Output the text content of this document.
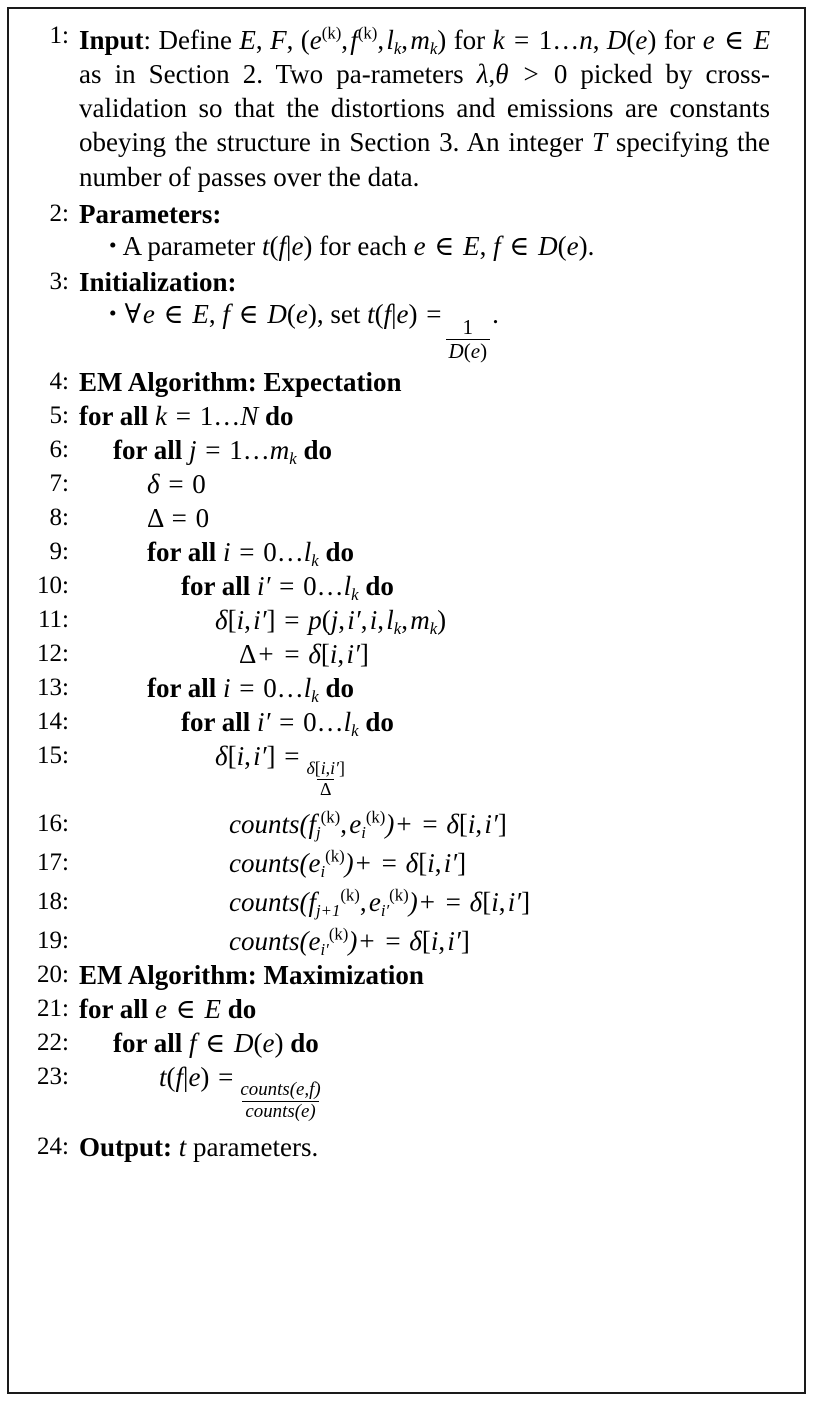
1: Input: Define E, F, ($e^{(k)}$, $f^{(k)}$, $l_k$, $m_k$) for k = 1…n, D(e) for e ∈ E as in Section 2. Two pa-rameters λ,θ > 0 picked by cross-validation so that the distortions and emissions are constants obeying the structure in Section 3. An integer T specifying the number of passes over the data.
2: Parameters:
• A parameter t(f|e) for each e ∈ E, f ∈ D(e).
3: Initialization:
• ∀e ∈ E, f ∈ D(e), set t(f|e) =
$\frac{1}{D(e)}$
.
4: EM Algorithm: Expectation
5: for all k = 1…N do
6:	for all $j = 1\dots m_k$ do
7:	δ = 0
8:	Δ = 0
9:	for all $i = 0\dots l_k$ do
10:	for all $i' = 0\dots l_k$ do
11:	δ[i, i′] = p(j, i′, i, $l_k$, $m_k$)
12:	Δ+ = δ[i, i′]
13:	for all $i = 0\dots l_k$ do
14:	for all $i' = 0\dots l_k$ do
15:	δ[i, i′] =
$\frac{\delta[i,i']}{\Delta}$
16:	$counts(f_j^{(k)}$, $e_i^{(k)})+ = \delta[i$, i′]
17:	$counts(e_i^{(k)})+ = \delta[i$, i′]
18:	$counts(f_{j+1}^{(k)}$, $e_{i'}^{(k)})+ = \delta[i$, i′]
19:	$counts(e_{i'}^{(k)})+ = \delta[i$, i′]
20: EM Algorithm: Maximization
21: for all e ∈ E do
22:	for all f ∈ D(e) do
23:	t(f|e) =
$\frac{\text{counts(e,f)}}{\text{counts(e)}}$
24: Output: t parameters.
